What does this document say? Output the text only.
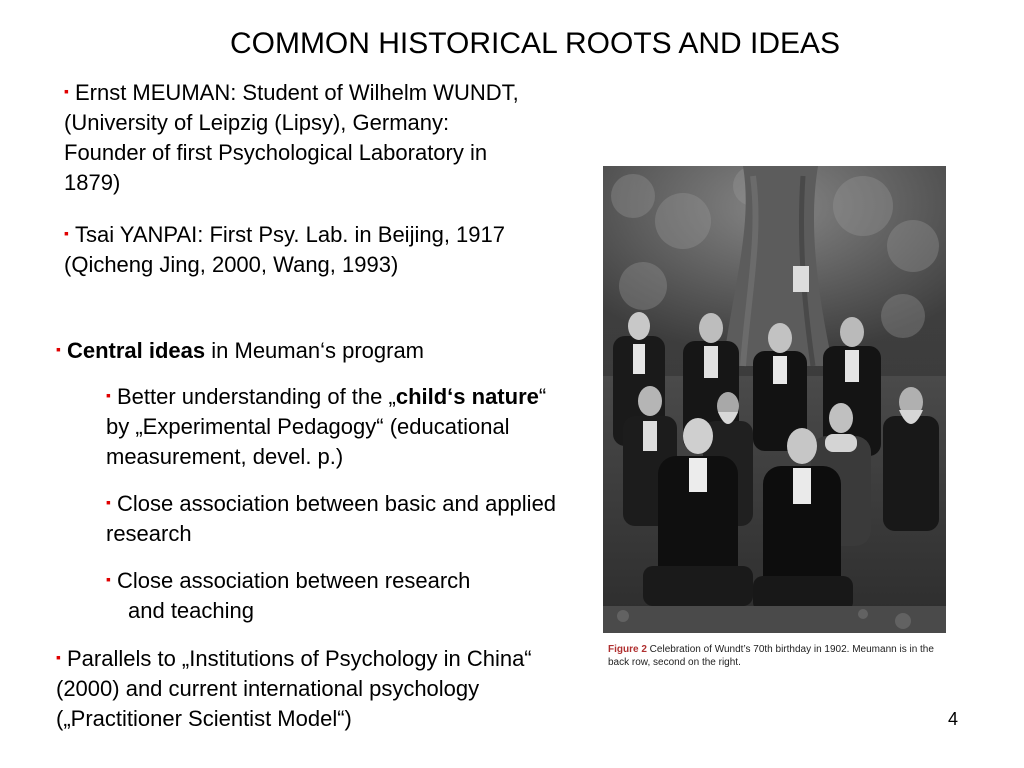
COMMON HISTORICAL ROOTS AND IDEAS

▪ Ernst MEUMAN: Student of Wilhelm WUNDT, (University of Leipzig (Lipsy), Germany: Founder of first Psychological Laboratory in 1879)

▪ Tsai YANPAI: First Psy. Lab. in Beijing, 1917 (Qicheng Jing, 2000, Wang, 1993)

▪ Central ideas in Meuman‘s program

▪ Better understanding of the „child‘s nature“ by „Experimental Pedagogy“ (educational measurement, devel. p.)

▪ Close association between basic and applied research

▪ Close association between research
and teaching

▪ Parallels to „Institutions of Psychology in China“ (2000) and current international psychology („Practitioner Scientist Model“)

Figure 2 Celebration of Wundt’s 70th birthday in 1902. Meumann is in the back row, second on the right.
4
